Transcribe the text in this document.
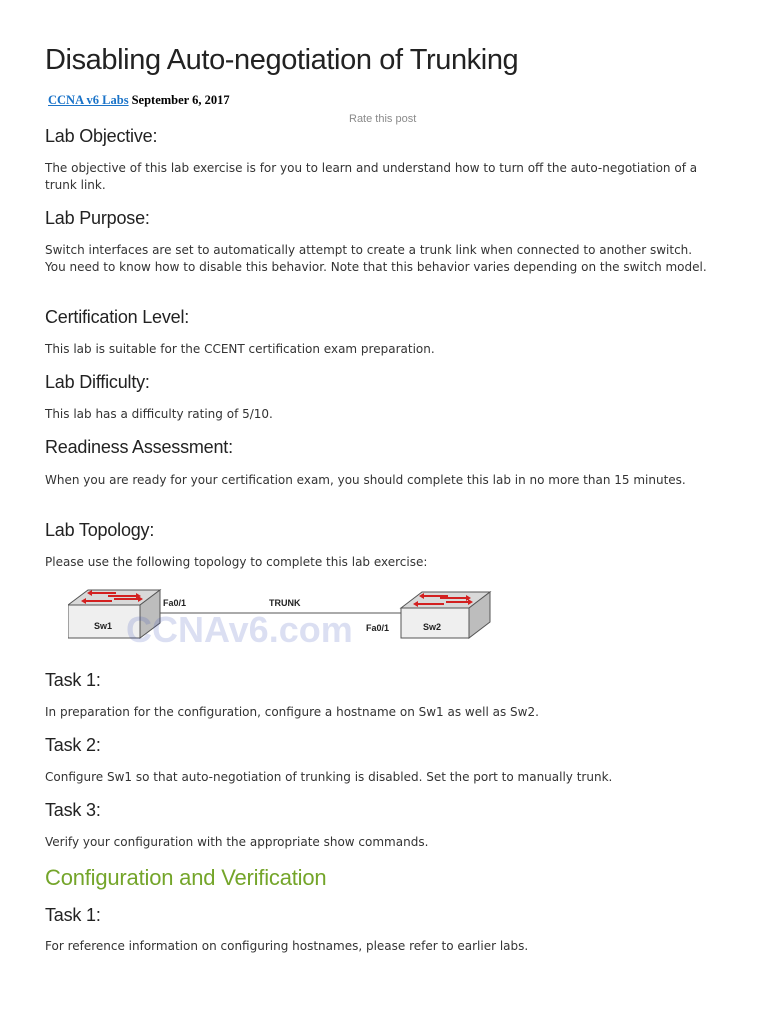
Disabling Auto-negotiation of Trunking
CCNA v6 Labs September 6, 2017
Rate this post
Lab Objective:

The objective of this lab exercise is for you to learn and understand how to turn off the auto-negotiation of a trunk link.

Lab Purpose:

Switch interfaces are set to automatically attempt to create a trunk link when connected to another switch. You need to know how to disable this behavior. Note that this behavior varies depending on the switch model.

Certification Level:

This lab is suitable for the CCENT certification exam preparation.

Lab Difficulty:

This lab has a difficulty rating of 5/10.

Readiness Assessment:

When you are ready for your certification exam, you should complete this lab in no more than 15 minutes.

Lab Topology:

Please use the following topology to complete this lab exercise:

Sw1
Fa0/1	TRUNK
Fa0/1	Sw2
CCNAv6.com
Task 1:

In preparation for the configuration, configure a hostname on Sw1 as well as Sw2.

Task 2:

Configure Sw1 so that auto-negotiation of trunking is disabled. Set the port to manually trunk.

Task 3:

Verify your configuration with the appropriate show commands.

Configuration and Verification
Task 1:

For reference information on configuring hostnames, please refer to earlier labs.
